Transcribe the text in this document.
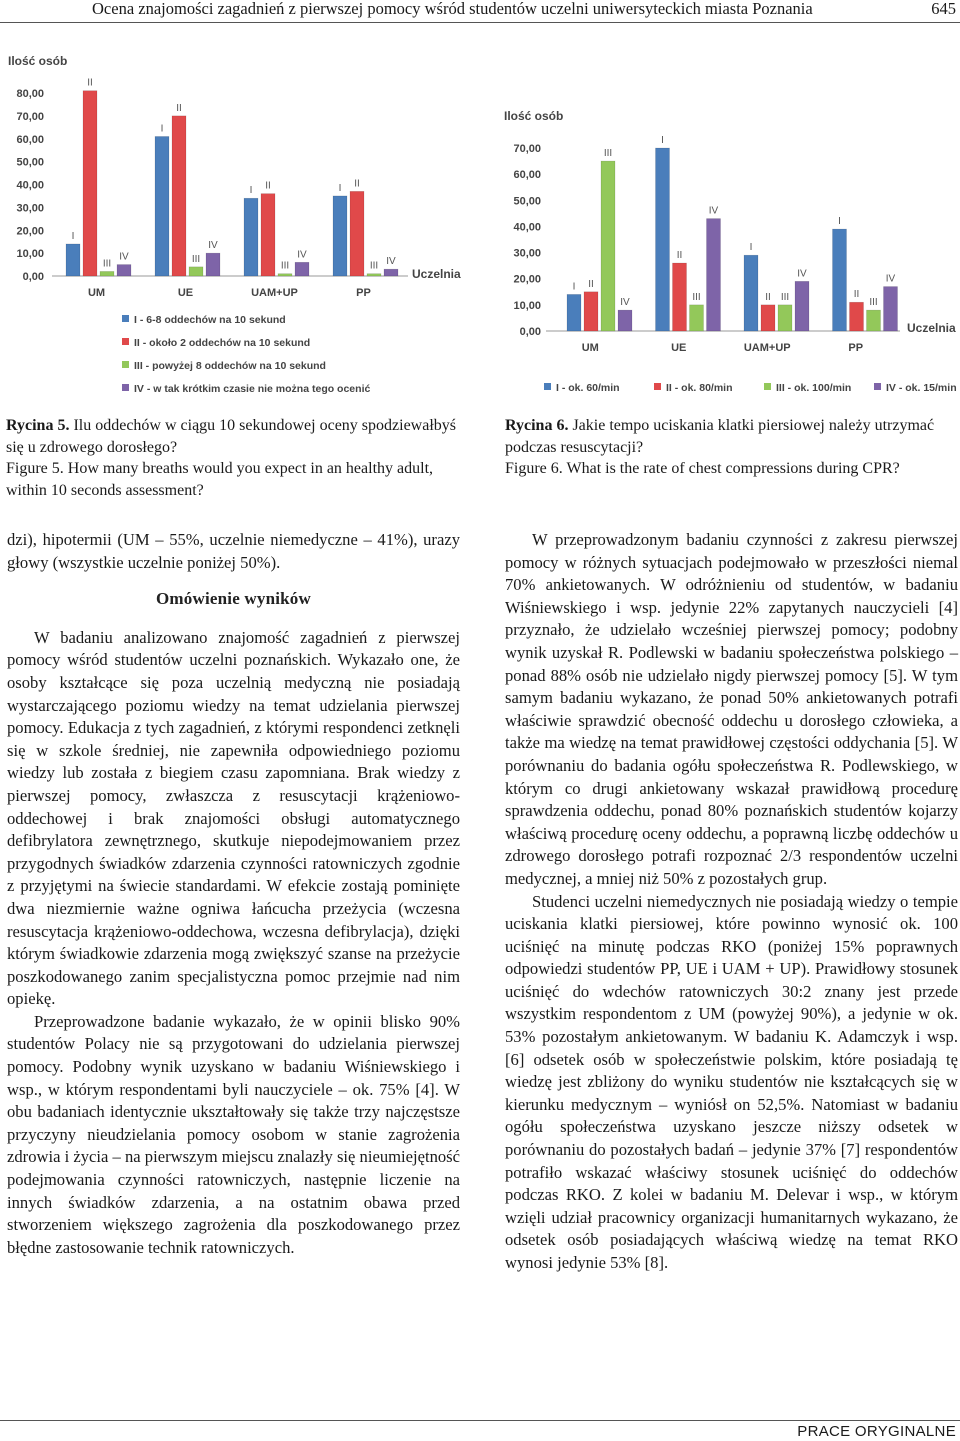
Ocena znajomości zagadnień z pierwszej pomocy wśród studentów uczelni uniwersyteckich miasta Poznania	645
Ilość osób
0,00
10,00
20,00
30,00
40,00
50,00
60,00
70,00
80,00
UM
I
II
III
IV
UE
I
II
III
IV
UAM+UP
I II
III
IV
PP
I II
III IV
Uczelnia
I - 6-8 oddechów na 10 sekund
II - około 2 oddechów na 10 sekund
III - powyżej 8 oddechów na 10 sekund
IV - w tak krótkim czasie nie można tego ocenić
Ilość osób
0,00
10,00
20,00
30,00
40,00
50,00
60,00
70,00
UM
I II
III
IV
UE
I
II
III
IV
UAM+UP
I
II III
IV
PP
I
II
III
IV
Uczelnia
I - ok. 60/min	II - ok. 80/min	III - ok. 100/min	IV - ok. 15/min
Rycina 5. Ilu oddechów w ciągu 10 sekundowej oceny spodziewałbyś się u zdrowego dorosłego?
Figure 5. How many breaths would you expect in an healthy adult, within 10 seconds assessment?
Rycina 6. Jakie tempo uciskania klatki piersiowej należy utrzymać podczas resuscytacji?
Figure 6. What is the rate of chest compressions during CPR?

dzi), hipotermii (UM – 55%, uczelnie niemedyczne – 41%), urazy głowy (wszystkie uczelnie poniżej 50%).

Omówienie wyników

W badaniu analizowano znajomość zagadnień z pierwszej pomocy wśród studentów uczelni poznańskich. Wykazało one, że osoby kształcące się poza uczelnią medyczną nie posiadają wystarczającego poziomu wiedzy na temat udzielania pierwszej pomocy. Edukacja z tych zagadnień, z którymi respondenci zetknęli się w szkole średniej, nie zapewniła odpowiedniego poziomu wiedzy lub została z biegiem czasu zapomniana. Brak wiedzy z pierwszej pomocy, zwłaszcza z resuscytacji krążeniowo-oddechowej i brak znajomości obsługi automatycznego defibrylatora zewnętrznego, skutkuje niepodejmowaniem przez przygodnych świadków zdarzenia czynności ratowniczych zgodnie z przyjętymi na świecie standardami. W efekcie zostają pominięte dwa niezmiernie ważne ogniwa łańcucha przeżycia (wczesna resuscytacja krążeniowo-oddechowa, wczesna defibrylacja), dzięki którym świadkowie zdarzenia mogą zwiększyć szanse na przeżycie poszkodowanego zanim specjalistyczna pomoc przejmie nad nim opiekę.

Przeprowadzone badanie wykazało, że w opinii blisko 90% studentów Polacy nie są przygotowani do udzielania pierwszej pomocy. Podobny wynik uzyskano w badaniu Wiśniewskiego i wsp., w którym respondentami byli nauczyciele – ok. 75% [4]. W obu badaniach identycznie ukształtowały się także trzy najczęstsze przyczyny nieudzielania pomocy osobom w stanie zagrożenia zdrowia i życia – na pierwszym miejscu znalazły się nieumiejętność podejmowania czynności ratowniczych, następnie liczenie na innych świadków zdarzenia, a na ostatnim obawa przed stworzeniem większego zagrożenia dla poszkodowanego przez błędne zastosowanie technik ratowniczych.

W przeprowadzonym badaniu czynności z zakresu pierwszej pomocy w różnych sytuacjach podejmowało w przeszłości niemal 70% ankietowanych. W odróżnieniu od studentów, w badaniu Wiśniewskiego i wsp. jedynie 22% zapytanych nauczycieli [4] przyznało, że udzielało wcześniej pierwszej pomocy; podobny wynik uzyskał R. Podlewski w badaniu społeczeństwa polskiego – ponad 88% osób nie udzielało nigdy pierwszej pomocy [5]. W tym samym badaniu wykazano, że ponad 50% ankietowanych potrafi właściwie sprawdzić obecność oddechu u dorosłego człowieka, a także ma wiedzę na temat prawidłowej częstości oddychania [5]. W porównaniu do badania ogółu społeczeństwa R. Podlewskiego, w którym co drugi ankietowany wskazał prawidłową procedurę sprawdzenia oddechu, ponad 80% poznańskich studentów kojarzy właściwą procedurę oceny oddechu, a poprawną liczbę oddechów u zdrowego dorosłego potrafi rozpoznać 2/3 respondentów uczelni medycznej, a mniej niż 50% z pozostałych grup.

Studenci uczelni niemedycznych nie posiadają wiedzy o tempie uciskania klatki piersiowej, które powinno wynosić ok. 100 uciśnięć na minutę podczas RKO (poniżej 15% poprawnych odpowiedzi studentów PP, UE i UAM + UP). Prawidłowy stosunek uciśnięć do wdechów ratowniczych 30:2 znany jest przede wszystkim respondentom z UM (powyżej 90%), a jedynie w ok. 53% pozostałym ankietowanym. W badaniu K. Adamczyk i wsp. [6] odsetek osób w społeczeństwie polskim, które posiadają tę wiedzę jest zbliżony do wyniku studentów nie kształcących się w kierunku medycznym – wyniósł on 52,5%. Natomiast w badaniu ogółu społeczeństwa uzyskano jeszcze niższy odsetek w porównaniu do pozostałych badań – jedynie 37% [7] respondentów potrafiło wskazać właściwy stosunek uciśnięć do oddechów podczas RKO. Z kolei w badaniu M. Delevar i wsp., w którym wzięli udział pracownicy organizacji humanitarnych wykazano, że odsetek osób posiadających właściwą wiedzę na temat RKO wynosi jedynie 53% [8].

PRACE ORYGINALNE
